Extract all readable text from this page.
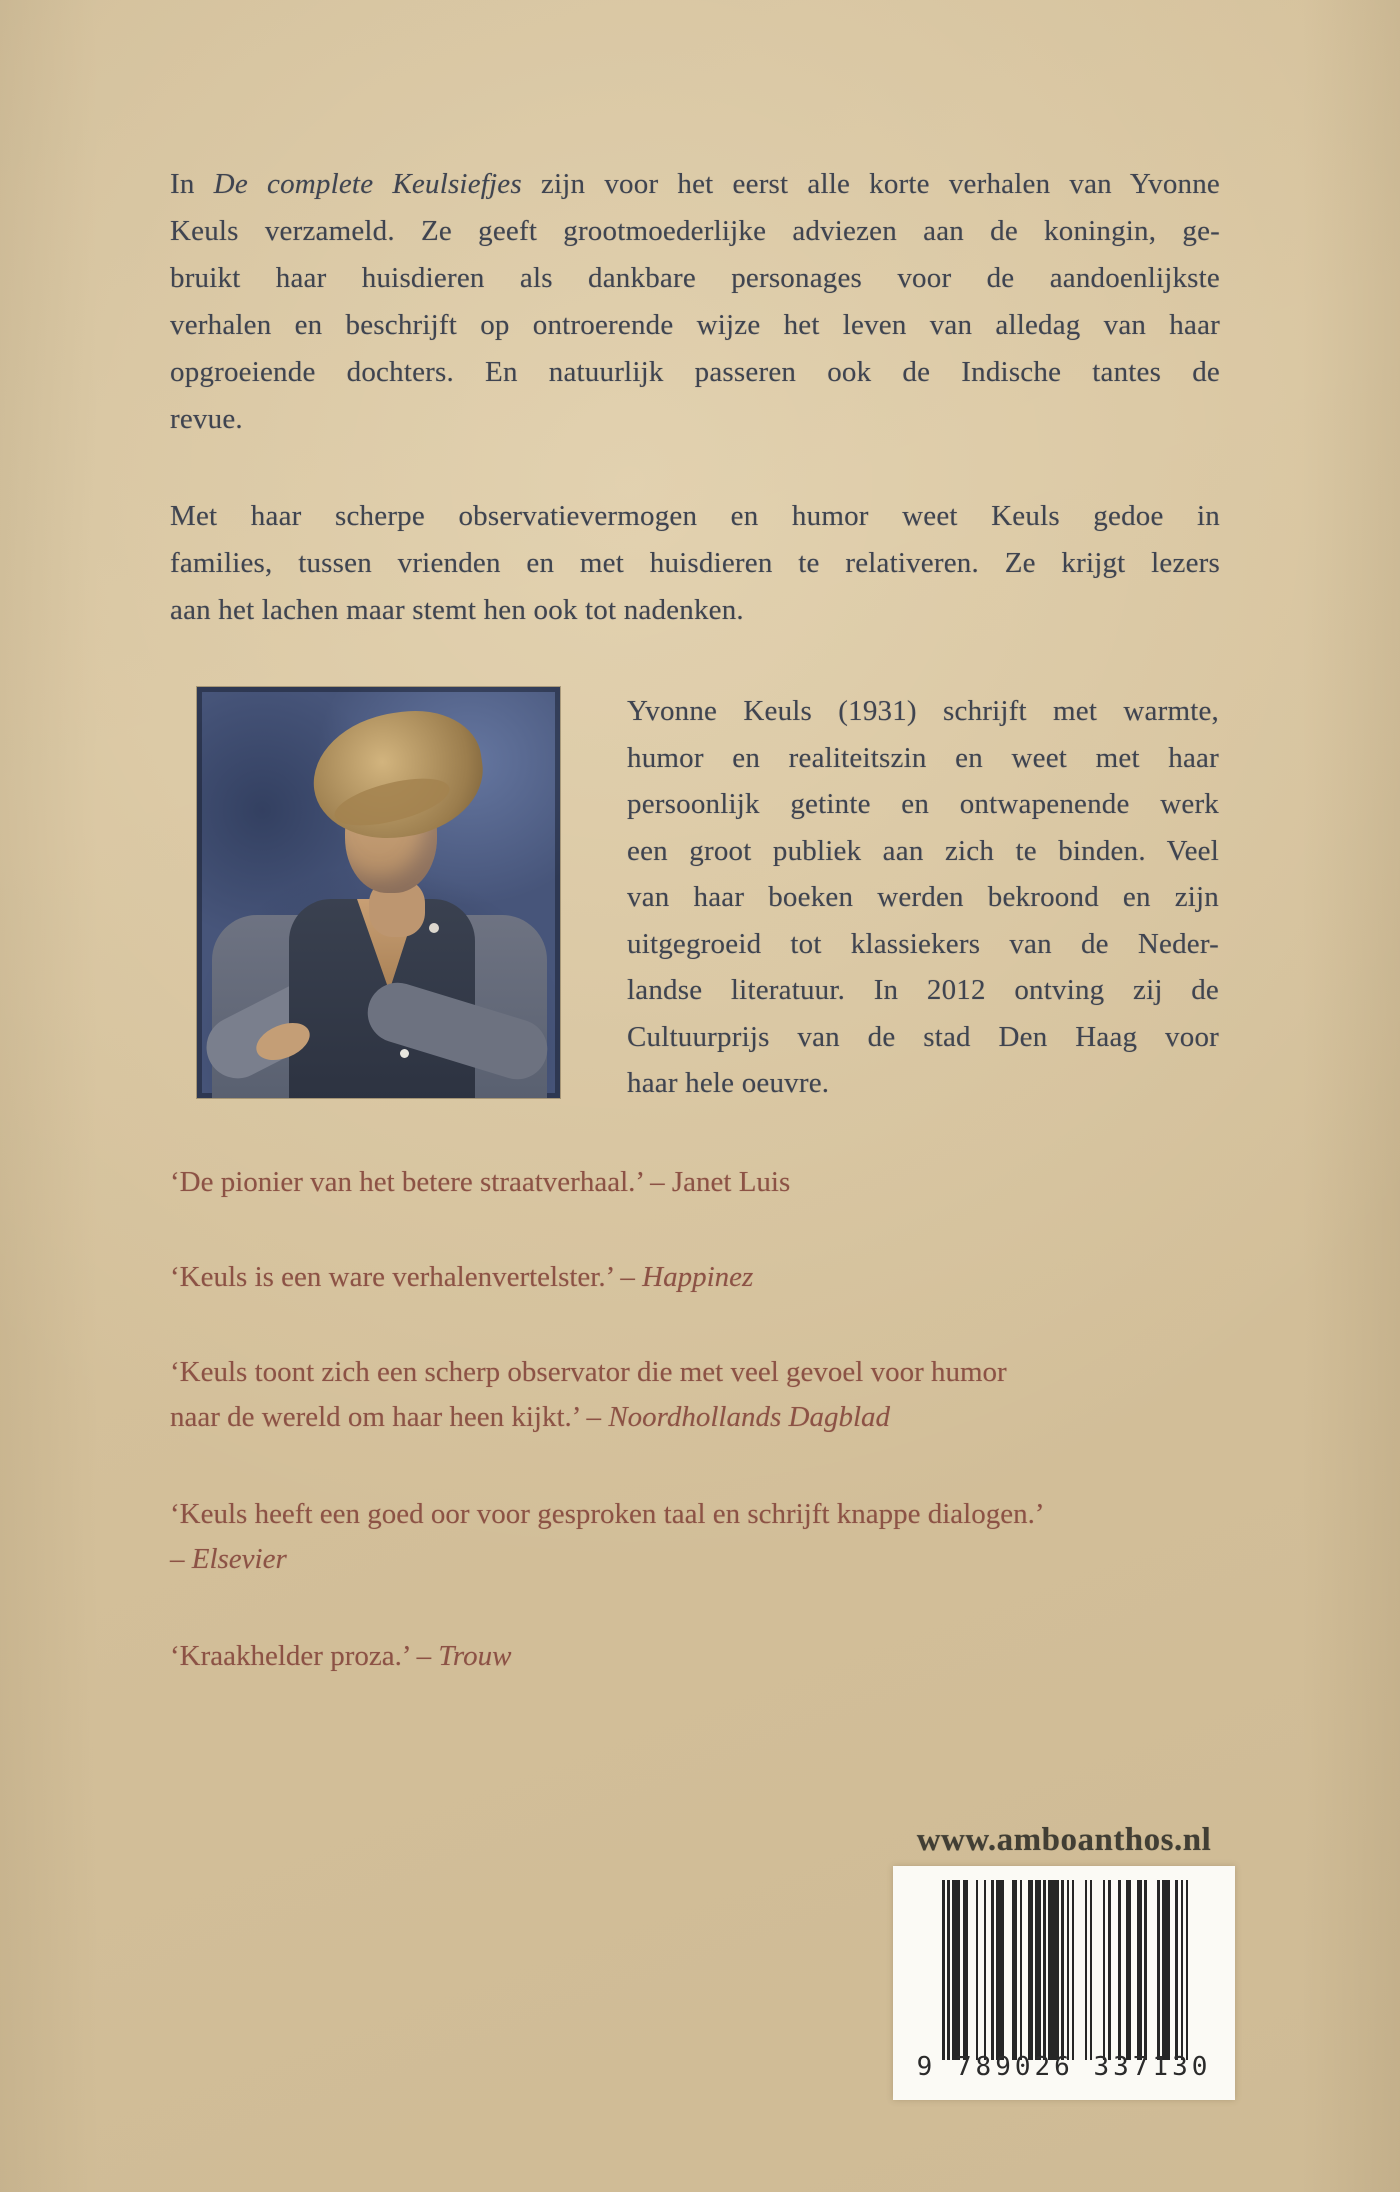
In De complete Keulsiefjes zijn voor het eerst alle korte verhalen van Yvonne
Keuls verzameld. Ze geeft grootmoederlijke adviezen aan de koningin, ge-
bruikt haar huisdieren als dankbare personages voor de aandoenlijkste
verhalen en beschrijft op ontroerende wijze het leven van alledag van haar
opgroeiende dochters. En natuurlijk passeren ook de Indische tantes de
revue.
Met haar scherpe observatievermogen en humor weet Keuls gedoe in
families, tussen vrienden en met huisdieren te relativeren. Ze krijgt lezers
aan het lachen maar stemt hen ook tot nadenken.
Yvonne Keuls (1931) schrijft met warmte,
humor en realiteitszin en weet met haar
persoonlijk getinte en ontwapenende werk
een groot publiek aan zich te binden. Veel
van haar boeken werden bekroond en zijn
uitgegroeid tot klassiekers van de Neder-
landse literatuur. In 2012 ontving zij de
Cultuurprijs van de stad Den Haag voor
haar hele oeuvre.
‘De pionier van het betere straatverhaal.’ – Janet Luis
‘Keuls is een ware verhalenvertelster.’ – Happinez
‘Keuls toont zich een scherp observator die met veel gevoel voor humor
naar de wereld om haar heen kijkt.’ – Noordhollands Dagblad
‘Keuls heeft een goed oor voor gesproken taal en schrijft knappe dialogen.’
– Elsevier
‘Kraakhelder proza.’ – Trouw
www.amboanthos.nl
9 789026 337130
